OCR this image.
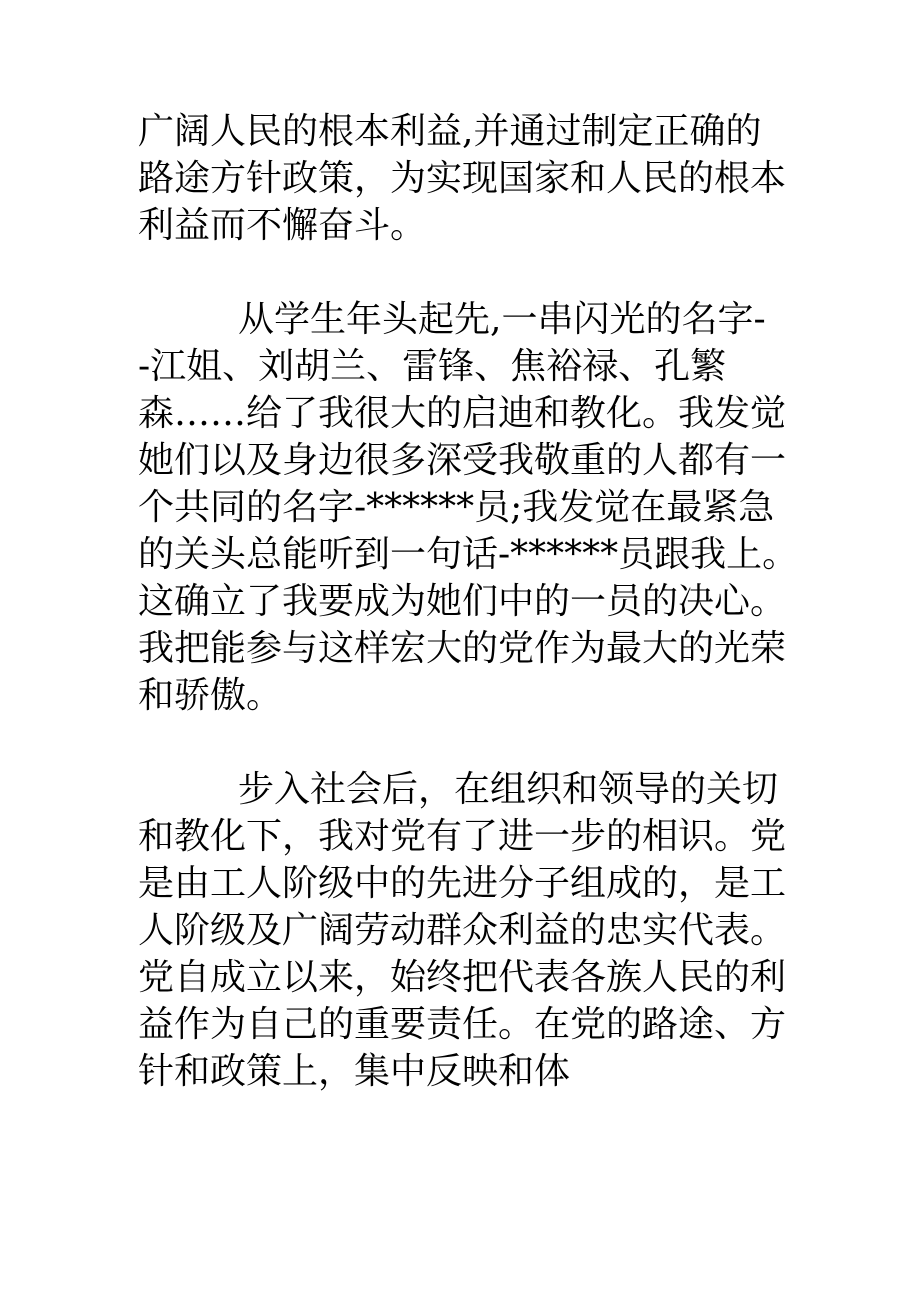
广阔人民的根本利益,并通过制定正确的
路途方针政策，为实现国家和人民的根本
利益而不懈奋斗。
从学生年头起先,一串闪光的名字-
-江姐、刘胡兰、雷锋、焦裕禄、孔繁
森……给了我很大的启迪和教化。我发觉
她们以及身边很多深受我敬重的人都有一
个共同的名字-******员;我发觉在最紧急
的关头总能听到一句话-******员跟我上。
这确立了我要成为她们中的一员的决心。
我把能参与这样宏大的党作为最大的光荣
和骄傲。
步入社会后，在组织和领导的关切
和教化下，我对党有了进一步的相识。党
是由工人阶级中的先进分子组成的，是工
人阶级及广阔劳动群众利益的忠实代表。
党自成立以来，始终把代表各族人民的利
益作为自己的重要责任。在党的路途、方
针和政策上，集中反映和体
